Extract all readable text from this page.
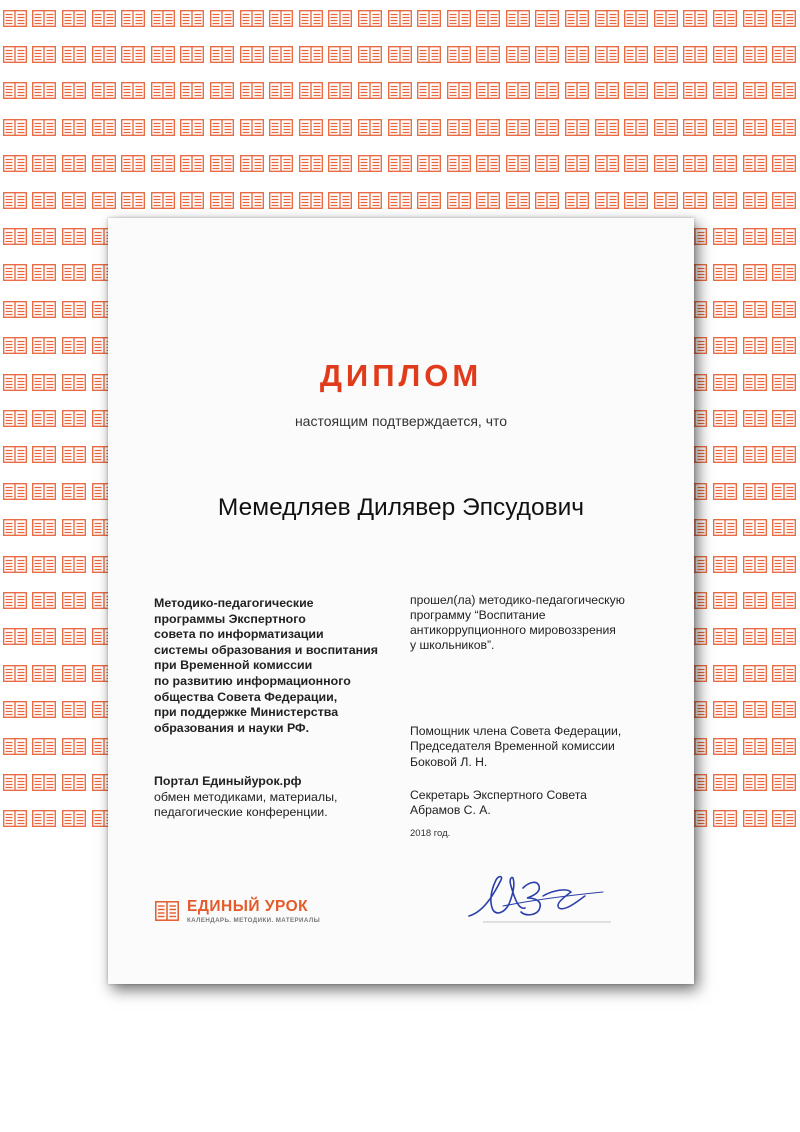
ДИПЛОМ
настоящим подтверждается, что
Мемедляев Дилявер Эпсудович
Методико-педагогические
программы Экспертного
совета по информатизации
системы образования и воспитания
при Временной комиссии
по развитию информационного
общества Совета Федерации,
при поддержке Министерства
образования и науки РФ.
Портал Единыйурок.рф
обмен методиками, материалы,
педагогические конференции.
прошел(ла) методико-педагогическую
программу “Воспитание
антикоррупционного мировоззрения
у школьников”.
Помощник члена Совета Федерации,
Председателя Временной комиссии
Боковой Л. Н.
Секретарь Экспертного Совета
Абрамов С. А.
2018 год.
ЕДИНЫЙ УРОК
КАЛЕНДАРЬ. МЕТОДИКИ. МАТЕРИАЛЫ
